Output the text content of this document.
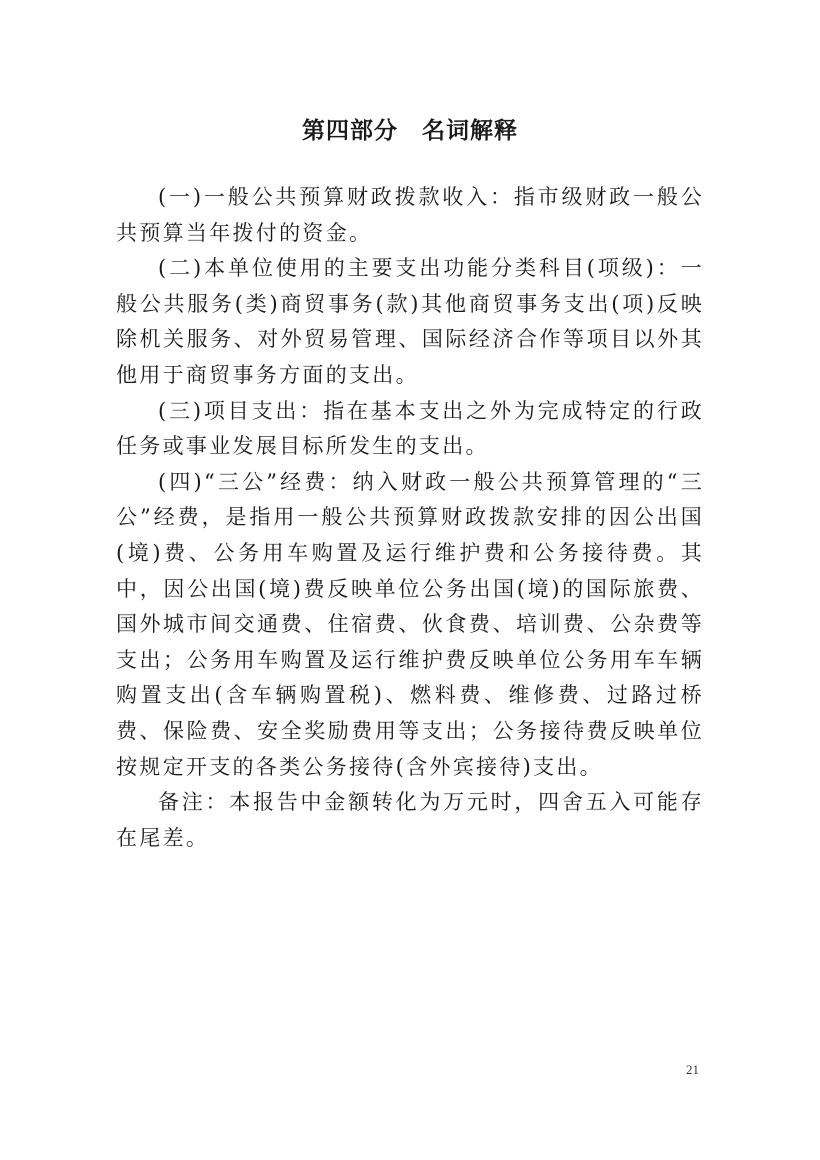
第四部分　名词解释

(一)一般公共预算财政拨款收入：指市级财政一般公共预算当年拨付的资金。

(二)本单位使用的主要支出功能分类科目(项级)：一般公共服务(类)商贸事务(款)其他商贸事务支出(项)反映除机关服务、对外贸易管理、国际经济合作等项目以外其他用于商贸事务方面的支出。

(三)项目支出：指在基本支出之外为完成特定的行政任务或事业发展目标所发生的支出。

(四)“三公”经费：纳入财政一般公共预算管理的“三公”经费，是指用一般公共预算财政拨款安排的因公出国(境)费、公务用车购置及运行维护费和公务接待费。其中，因公出国(境)费反映单位公务出国(境)的国际旅费、国外城市间交通费、住宿费、伙食费、培训费、公杂费等支出；公务用车购置及运行维护费反映单位公务用车车辆购置支出(含车辆购置税)、燃料费、维修费、过路过桥费、保险费、安全奖励费用等支出；公务接待费反映单位按规定开支的各类公务接待(含外宾接待)支出。

备注：本报告中金额转化为万元时，四舍五入可能存在尾差。

21
